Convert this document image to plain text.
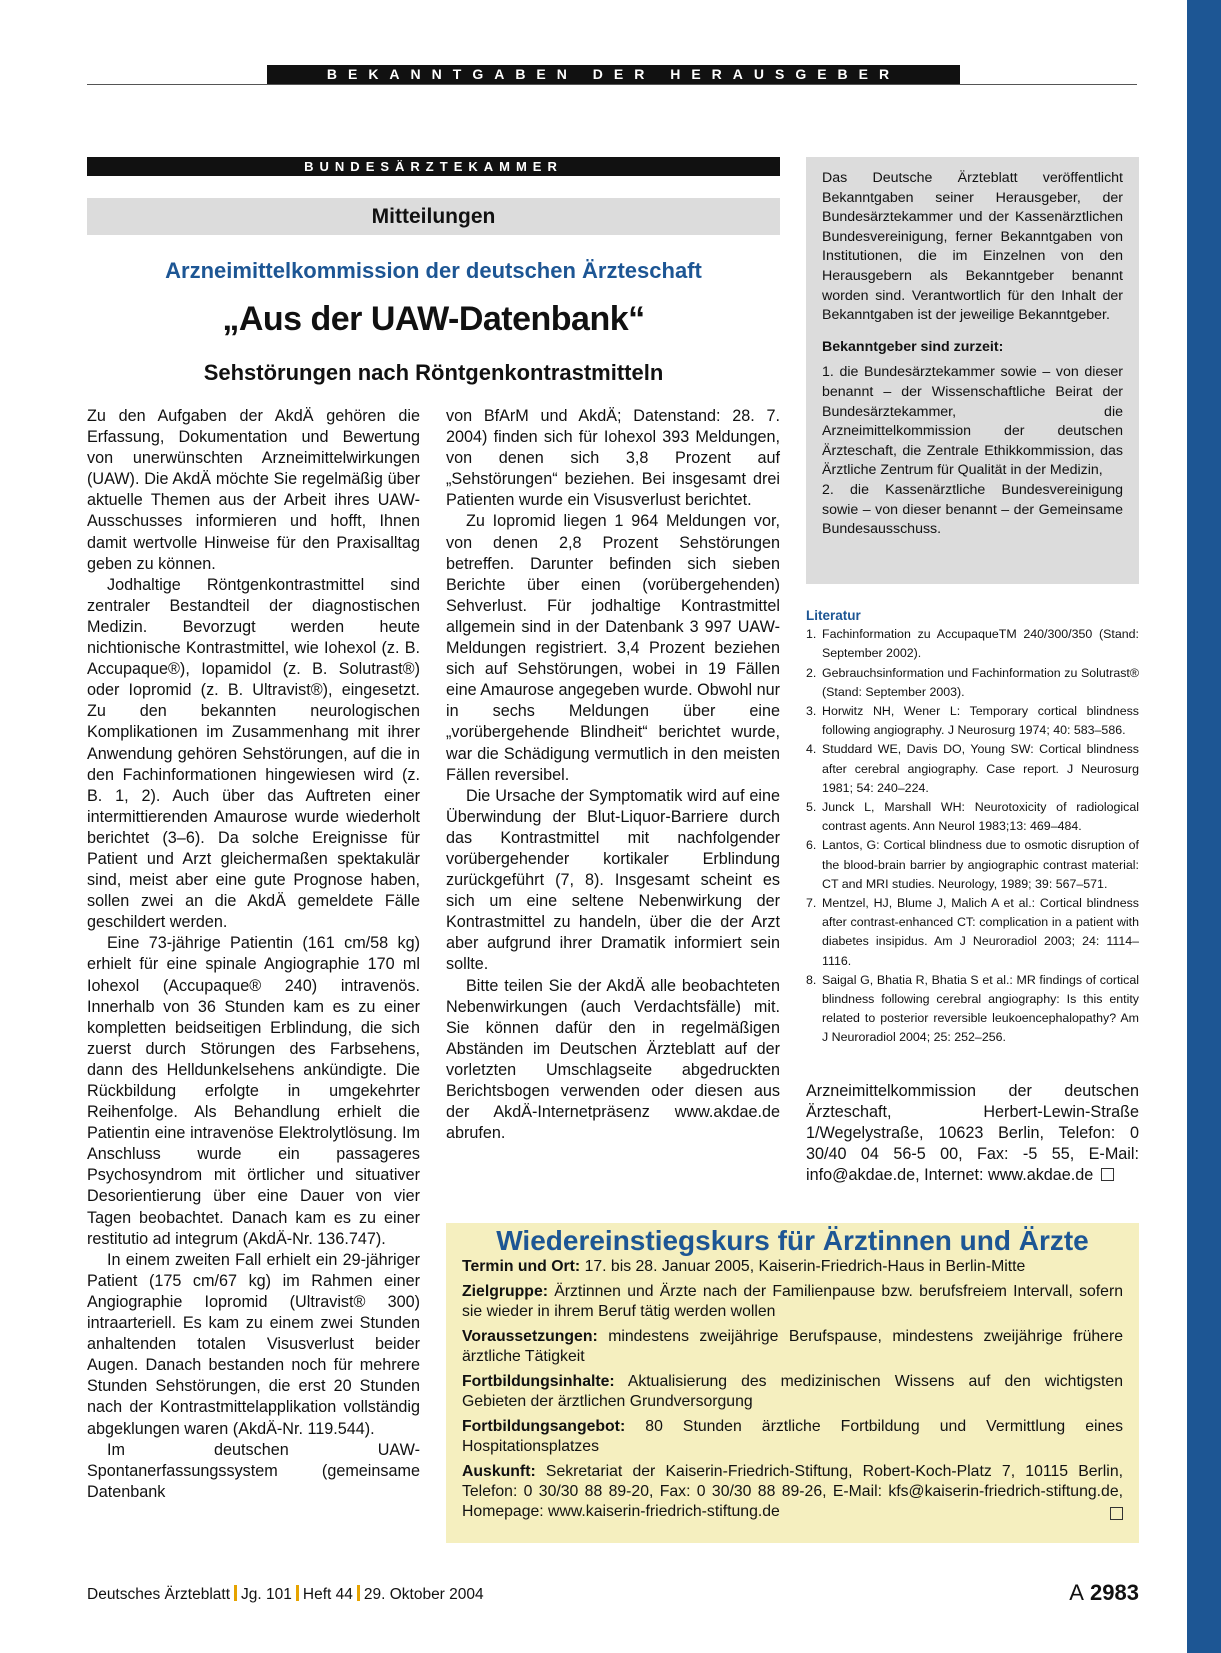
BEKANNTGABEN DER HERAUSGEBER
BUNDESÄRZTEKAMMER
Mitteilungen
Arzneimittelkommission der deutschen Ärzteschaft
„Aus der UAW-Datenbank“
Sehstörungen nach Röntgenkontrastmitteln

Zu den Aufgaben der AkdÄ gehören die Erfassung, Dokumentation und Bewertung von unerwünschten Arzneimittelwirkungen (UAW). Die AkdÄ möchte Sie regelmäßig über aktuelle Themen aus der Arbeit ihres UAW-Ausschusses informieren und hofft, Ihnen damit wertvolle Hinweise für den Praxisalltag geben zu können.

Jodhaltige Röntgenkontrastmittel sind zentraler Bestandteil der diagnostischen Medizin. Bevorzugt werden heute nichtionische Kontrastmittel, wie Iohexol (z. B. Accupaque®), Iopamidol (z. B. Solutrast®) oder Iopromid (z. B. Ultravist®), eingesetzt. Zu den bekannten neurologischen Komplikationen im Zusammenhang mit ihrer Anwendung gehören Sehstörungen, auf die in den Fachinformationen hingewiesen wird (z. B. 1, 2). Auch über das Auftreten einer intermittierenden Amaurose wurde wiederholt berichtet (3–6). Da solche Ereignisse für Patient und Arzt gleichermaßen spektakulär sind, meist aber eine gute Prognose haben, sollen zwei an die AkdÄ gemeldete Fälle geschildert werden.

Eine 73-jährige Patientin (161 cm/58 kg) erhielt für eine spinale Angiographie 170 ml Iohexol (Accupaque® 240) intravenös. Innerhalb von 36 Stunden kam es zu einer kompletten beidseitigen Erblindung, die sich zuerst durch Störungen des Farbsehens, dann des Helldunkelsehens ankündigte. Die Rückbildung erfolgte in umgekehrter Reihenfolge. Als Behandlung erhielt die Patientin eine intravenöse Elektrolytlösung. Im Anschluss wurde ein passageres Psychosyndrom mit örtlicher und situativer Desorientierung über eine Dauer von vier Tagen beobachtet. Danach kam es zu einer restitutio ad integrum (AkdÄ-Nr. 136.747).

In einem zweiten Fall erhielt ein 29-jähriger Patient (175 cm/67 kg) im Rahmen einer Angiographie Iopromid (Ultravist® 300) intraarteriell. Es kam zu einem zwei Stunden anhaltenden totalen Visusverlust beider Augen. Danach bestanden noch für mehrere Stunden Sehstörungen, die erst 20 Stunden nach der Kontrastmittelapplikation vollständig abgeklungen waren (AkdÄ-Nr. 119.544).

Im deutschen UAW-Spontanerfassungssystem (gemeinsame Datenbank

von BfArM und AkdÄ; Datenstand: 28. 7. 2004) finden sich für Iohexol 393 Meldungen, von denen sich 3,8 Prozent auf „Sehstörungen“ beziehen. Bei insgesamt drei Patienten wurde ein Visusverlust berichtet.

Zu Iopromid liegen 1 964 Meldungen vor, von denen 2,8 Prozent Sehstörungen betreffen. Darunter befinden sich sieben Berichte über einen (vorübergehenden) Sehverlust. Für jodhaltige Kontrastmittel allgemein sind in der Datenbank 3 997 UAW-Meldungen registriert. 3,4 Prozent beziehen sich auf Sehstörungen, wobei in 19 Fällen eine Amaurose angegeben wurde. Obwohl nur in sechs Meldungen über eine „vorübergehende Blindheit“ berichtet wurde, war die Schädigung vermutlich in den meisten Fällen reversibel.

Die Ursache der Symptomatik wird auf eine Überwindung der Blut-Liquor-Barriere durch das Kontrastmittel mit nachfolgender vorübergehender kortikaler Erblindung zurückgeführt (7, 8). Insgesamt scheint es sich um eine seltene Nebenwirkung der Kontrastmittel zu handeln, über die der Arzt aber aufgrund ihrer Dramatik informiert sein sollte.

Bitte teilen Sie der AkdÄ alle beobachteten Nebenwirkungen (auch Verdachtsfälle) mit. Sie können dafür den in regelmäßigen Abständen im Deutschen Ärzteblatt auf der vorletzten Umschlagseite abgedruckten Berichtsbogen verwenden oder diesen aus der AkdÄ-Internetpräsenz www.akdae.de abrufen.

Das Deutsche Ärzteblatt veröffentlicht Bekanntgaben seiner Herausgeber, der Bundesärztekammer und der Kassenärztlichen Bundesvereinigung, ferner Bekanntgaben von Institutionen, die im Einzelnen von den Herausgebern als Bekanntgeber benannt worden sind. Verantwortlich für den Inhalt der Bekanntgaben ist der jeweilige Bekanntgeber.

Bekanntgeber sind zurzeit:

1. die Bundesärztekammer sowie – von dieser benannt – der Wissenschaftliche Beirat der Bundesärztekammer, die Arzneimittelkommission der deutschen Ärzteschaft, die Zentrale Ethikkommission, das Ärztliche Zentrum für Qualität in der Medizin,

2. die Kassenärztliche Bundesvereinigung sowie – von dieser benannt – der Gemeinsame Bundesausschuss.

Literatur
1. Fachinformation zu AccupaqueTM 240/300/350 (Stand: September 2002).
2. Gebrauchsinformation und Fachinformation zu Solutrast® (Stand: September 2003).
3. Horwitz NH, Wener L: Temporary cortical blindness following angiography. J Neurosurg 1974; 40: 583–586.
4. Studdard WE, Davis DO, Young SW: Cortical blindness after cerebral angiography. Case report. J Neurosurg 1981; 54: 240–224.
5. Junck L, Marshall WH: Neurotoxicity of radiological contrast agents. Ann Neurol 1983;13: 469–484.
6. Lantos, G: Cortical blindness due to osmotic disruption of the blood-brain barrier by angiographic contrast material: CT and MRI studies. Neurology, 1989; 39: 567–571.
7. Mentzel, HJ, Blume J, Malich A et al.: Cortical blindness after contrast-enhanced CT: complication in a patient with diabetes insipidus. Am J Neuroradiol 2003; 24: 1114–1116.
8. Saigal G, Bhatia R, Bhatia S et al.: MR findings of cortical blindness following cerebral angiography: Is this entity related to posterior reversible leukoencephalopathy? Am J Neuroradiol 2004; 25: 252–256.
Arzneimittelkommission der deutschen Ärzteschaft, Herbert-Lewin-Straße 1/Wegelystraße, 10623 Berlin, Telefon: 0 30/40 04 56-5 00, Fax: -5 55, E-Mail: info@akdae.de, Internet: www.akdae.de
Wiedereinstiegskurs für Ärztinnen und Ärzte

Termin und Ort: 17. bis 28. Januar 2005, Kaiserin-Friedrich-Haus in Berlin-Mitte

Zielgruppe: Ärztinnen und Ärzte nach der Familienpause bzw. berufsfreiem Intervall, sofern sie wieder in ihrem Beruf tätig werden wollen

Voraussetzungen: mindestens zweijährige Berufspause, mindestens zweijährige frühere ärztliche Tätigkeit

Fortbildungsinhalte: Aktualisierung des medizinischen Wissens auf den wichtigsten Gebieten der ärztlichen Grundversorgung

Fortbildungsangebot: 80 Stunden ärztliche Fortbildung und Vermittlung eines Hospitationsplatzes

Auskunft: Sekretariat der Kaiserin-Friedrich-Stiftung, Robert-Koch-Platz 7, 10115 Berlin, Telefon: 0 30/30 88 89-20, Fax: 0 30/30 88 89-26, E-Mail: kfs@kaiserin-friedrich-stiftung.de, Homepage: www.kaiserin-friedrich-stiftung.de

Deutsches Ärzteblatt Jg. 101 Heft 44 29. Oktober 2004	A 2983
